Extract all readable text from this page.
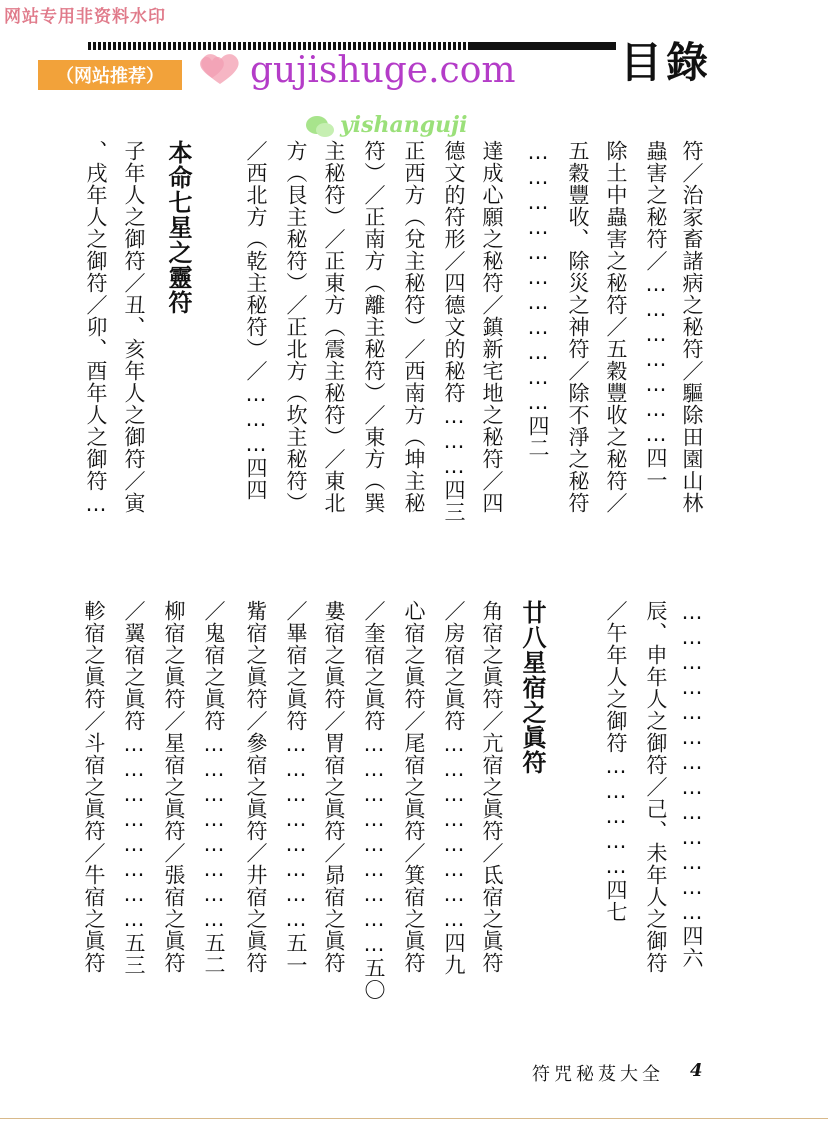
网站专用非资料水印
（网站推荐）	gujishuge.com
yishanguji
目錄
符／治家畜諸病之秘符／驅除田園山林
蟲害之秘符／…………………四一
除土中蟲害之秘符／五穀豐收之秘符／
五穀豐收、除災之神符／除不淨之秘符
……………………………四二
達成心願之秘符／鎮新宅地之秘符／四
德文的符形／四德文的秘符………四三
正西方（兌主秘符）／西南方（坤主秘
符）／正南方（離主秘符）／東方（巽
主秘符）／正東方（震主秘符）／東北
方（艮主秘符）／正北方（坎主秘符）
／西北方（乾主秘符）／………四四
本命七星之靈符
子年人之御符／丑、亥年人之御符／寅
、戌年人之御符／卯、酉年人之御符…
…………………………………四六
辰、申年人之御符／己、未年人之御符
／午年人之御符……………四七
廿八星宿之眞符
角宿之眞符／亢宿之眞符／氐宿之眞符
／房宿之眞符……………………四九
心宿之眞符／尾宿之眞符／箕宿之眞符
／奎宿之眞符………………………五〇
婁宿之眞符／胃宿之眞符／昴宿之眞符
／畢宿之眞符……………………五一
觜宿之眞符／參宿之眞符／井宿之眞符
／鬼宿之眞符……………………五二
柳宿之眞符／星宿之眞符／張宿之眞符
／翼宿之眞符……………………五三
軫宿之眞符／斗宿之眞符／牛宿之眞符
符咒秘芨大全 4
